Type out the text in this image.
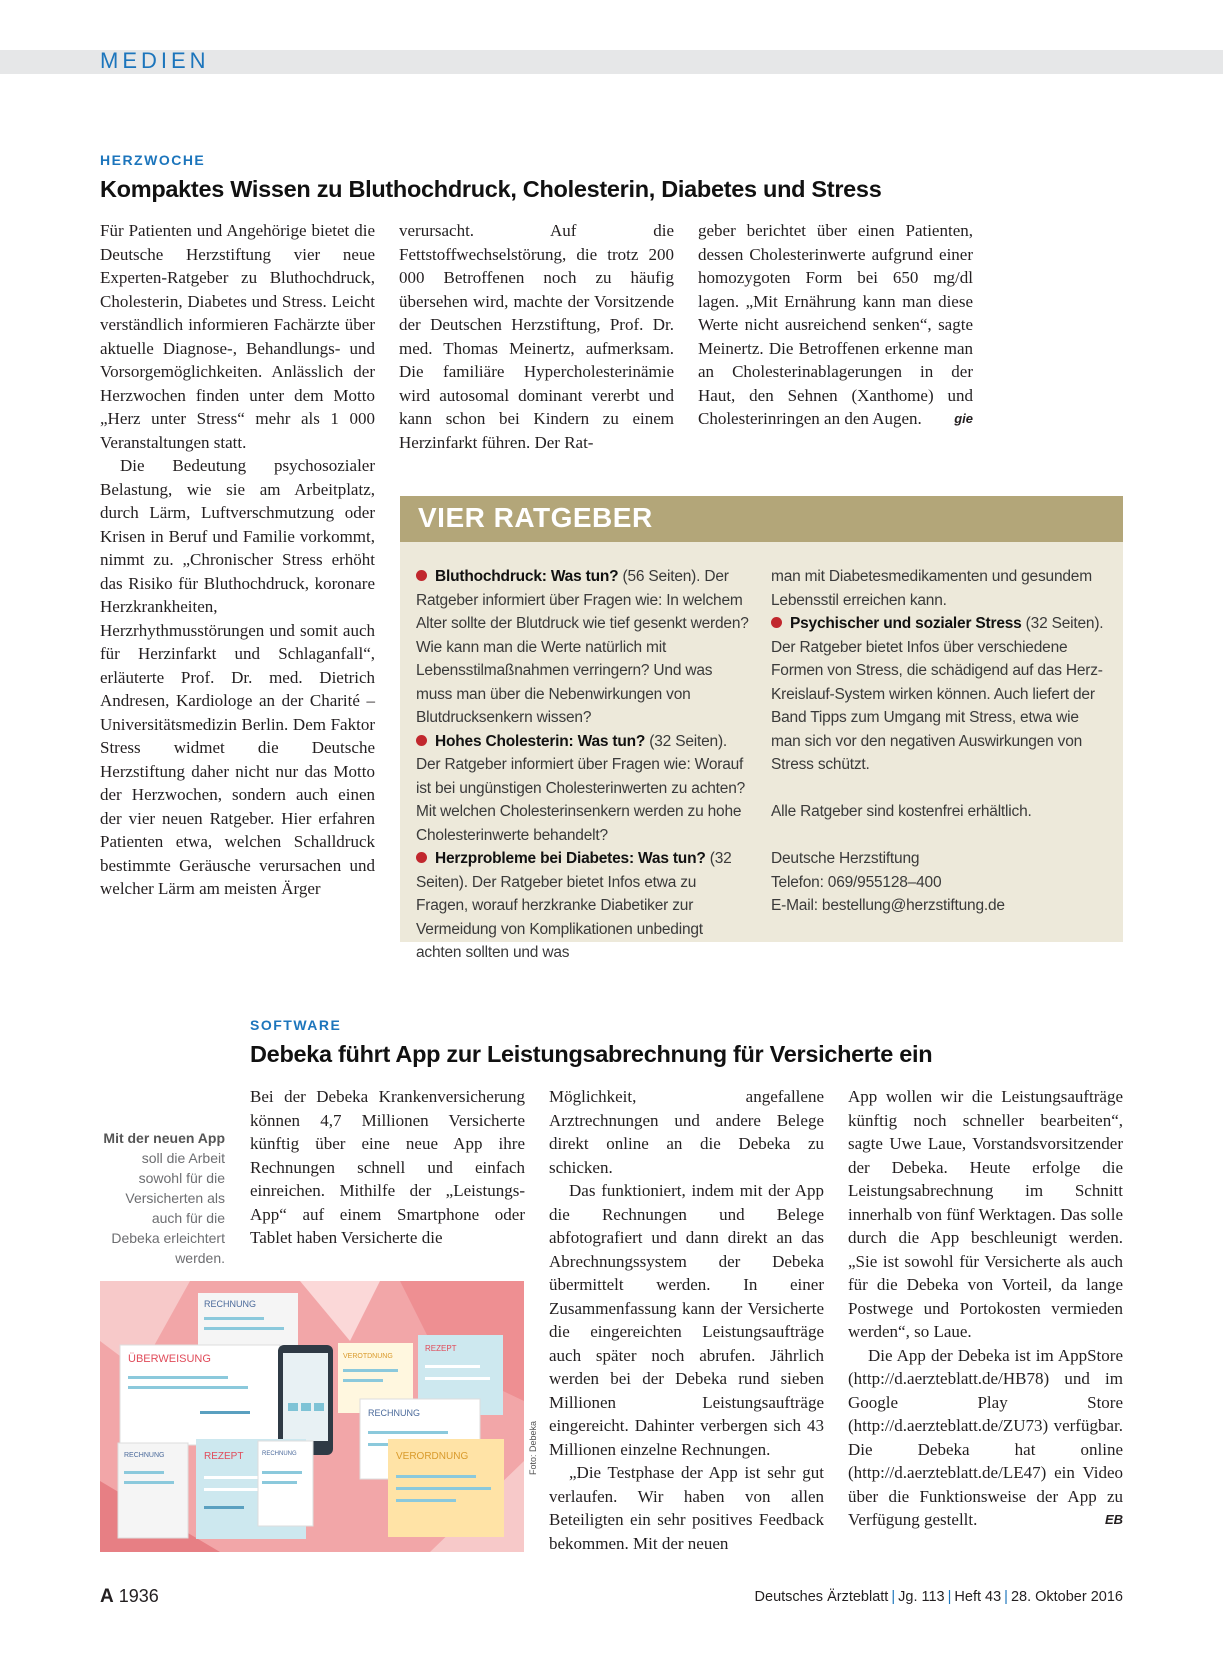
MEDIEN
HERZWOCHE
Kompaktes Wissen zu Bluthochdruck, Cholesterin, Diabetes und Stress

Für Patienten und Angehörige bietet die Deutsche Herzstiftung vier neue Experten-Ratgeber zu Bluthochdruck, Cholesterin, Diabetes und Stress. Leicht verständlich informieren Fachärzte über aktuelle Diagnose-, Behandlungs- und Vorsorgemöglichkeiten. Anlässlich der Herzwochen finden unter dem Motto „Herz unter Stress“ mehr als 1 000 Veranstaltungen statt.

Die Bedeutung psychosozialer Belastung, wie sie am Arbeitplatz, durch Lärm, Luftverschmutzung oder Krisen in Beruf und Familie vorkommt, nimmt zu. „Chronischer Stress erhöht das Risiko für Bluthochdruck, koronare Herzkrankheiten, Herzrhythmusstörungen und somit auch für Herzinfarkt und Schlaganfall“, erläuterte Prof. Dr. med. Dietrich Andresen, Kardiologe an der Charité – Universitätsmedizin Berlin. Dem Faktor Stress widmet die Deutsche Herzstiftung daher nicht nur das Motto der Herzwochen, sondern auch einen der vier neuen Ratgeber. Hier erfahren Patienten etwa, welchen Schalldruck bestimmte Geräusche verursachen und welcher Lärm am meisten Ärger

verursacht. Auf die Fettstoffwechselstörung, die trotz 200 000 Betroffenen noch zu häufig übersehen wird, machte der Vorsitzende der Deutschen Herzstiftung, Prof. Dr. med. Thomas Meinertz, aufmerksam. Die familiäre Hypercholesterinämie wird autosomal dominant vererbt und kann schon bei Kindern zu einem Herzinfarkt führen. Der Rat-

geber berichtet über einen Patienten, dessen Cholesterinwerte aufgrund einer homozygoten Form bei 650 mg/dl lagen. „Mit Ernährung kann man diese Werte nicht ausreichend senken“, sagte Meinertz. Die Betroffenen erkenne man an Cholesterinablagerungen in der Haut, den Sehnen (Xanthome) und Cholesterinringen an den Augen. gie

VIER RATGEBER

Bluthochdruck: Was tun? (56 Seiten). Der Ratgeber informiert über Fragen wie: In welchem Alter sollte der Blutdruck wie tief gesenkt werden? Wie kann man die Werte natürlich mit Lebensstilmaßnahmen verringern? Und was muss man über die Nebenwirkungen von Blutdrucksenkern wissen?

Hohes Cholesterin: Was tun? (32 Seiten). Der Ratgeber informiert über Fragen wie: Worauf ist bei ungünstigen Cholesterinwerten zu achten? Mit welchen Cholesterinsenkern werden zu hohe Cholesterinwerte behandelt?

Herzprobleme bei Diabetes: Was tun? (32 Seiten). Der Ratgeber bietet Infos etwa zu Fragen, worauf herzkranke Diabetiker zur Vermeidung von Komplikationen unbedingt achten sollten und was

man mit Diabetesmedikamenten und gesundem Lebensstil erreichen kann.

Psychischer und sozialer Stress (32 Seiten). Der Ratgeber bietet Infos über verschiedene Formen von Stress, die schädigend auf das Herz-Kreislauf-System wirken können. Auch liefert der Band Tipps zum Umgang mit Stress, etwa wie man sich vor den negativen Auswirkungen von Stress schützt.

Alle Ratgeber sind kostenfrei erhältlich.

Deutsche Herzstiftung

Telefon: 069/955128–400

E-Mail: bestellung@herzstiftung.de

SOFTWARE
Debeka führt App zur Leistungsabrechnung für Versicherte ein
Mit der neuen App soll die Arbeit sowohl für die Versicherten als auch für die Debeka erleichtert werden.

Bei der Debeka Krankenversicherung können 4,7 Millionen Versicherte künftig über eine neue App ihre Rechnungen schnell und einfach einreichen. Mithilfe der „Leistungs-App“ auf einem Smartphone oder Tablet haben Versicherte die

Möglichkeit, angefallene Arztrechnungen und andere Belege direkt online an die Debeka zu schicken.

Das funktioniert, indem mit der App die Rechnungen und Belege abfotografiert und dann direkt an das Abrechnungssystem der Debeka übermittelt werden. In einer Zusammenfassung kann der Versicherte die eingereichten Leistungsaufträge auch später noch abrufen. Jährlich werden bei der Debeka rund sieben Millionen Leistungsaufträge eingereicht. Dahinter verbergen sich 43 Millionen einzelne Rechnungen.

„Die Testphase der App ist sehr gut verlaufen. Wir haben von allen Beteiligten ein sehr positives Feedback bekommen. Mit der neuen

App wollen wir die Leistungsaufträge künftig noch schneller bearbeiten“, sagte Uwe Laue, Vorstandsvorsitzender der Debeka. Heute erfolge die Leistungsabrechnung im Schnitt innerhalb von fünf Werktagen. Das solle durch die App beschleunigt werden. „Sie ist sowohl für Versicherte als auch für die Debeka von Vorteil, da lange Postwege und Portokosten vermieden werden“, so Laue.

Die App der Debeka ist im AppStore (http://d.aerzteblatt.de/HB78) und im Google Play Store (http://d.aerzteblatt.de/ZU73) verfügbar. Die Debeka hat online (http://d.aerzteblatt.de/LE47) ein Video über die Funktionsweise der App zu Verfügung gestellt.	EB

RECHNUNG
ÜBERWEISUNG	VEROTDNUNG
REZEPT
RECHNUNG
RECHNUNG	REZEPT	RECHNUNG	VERORDNUNG	Foto: Debeka
A 1936	Deutsches Ärzteblatt | Jg. 113 | Heft 43 | 28. Oktober 2016
